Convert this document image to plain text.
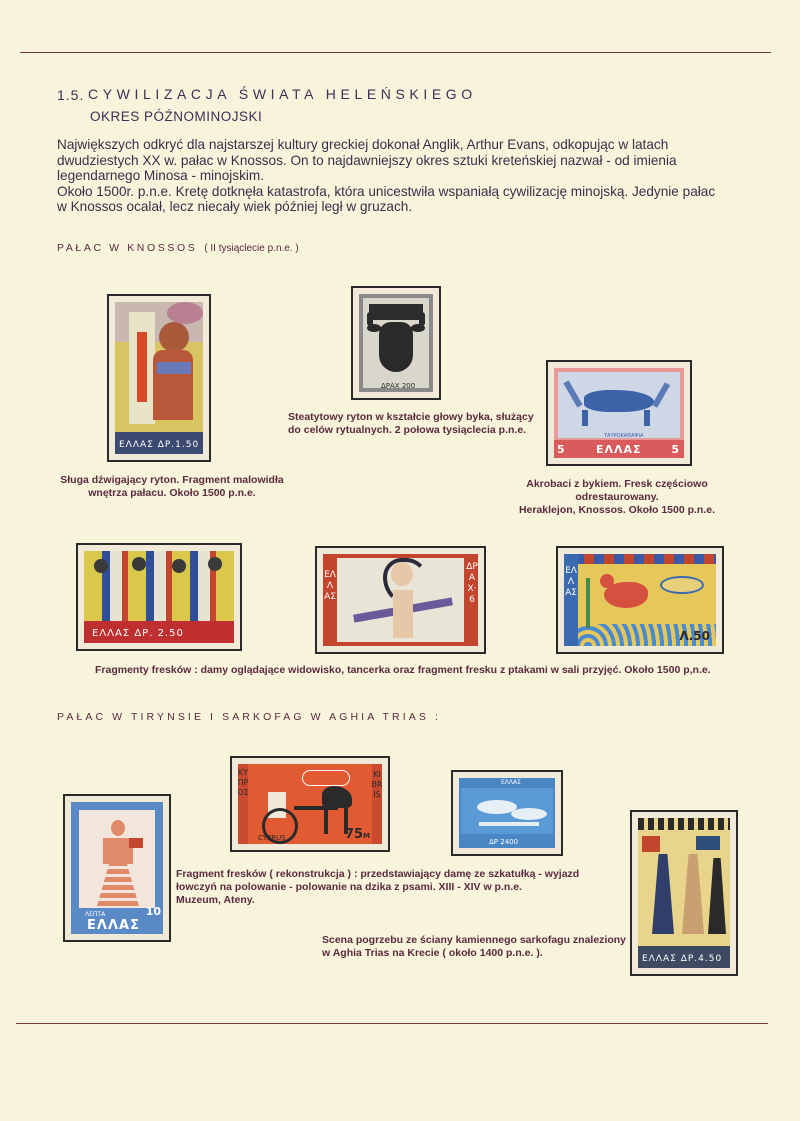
1.5. CYWILIZACJA ŚWIATA HELEŃSKIEGO
OKRES PÓŹNOMINOJSKI
Największych odkryć dla najstarszej kultury greckiej dokonał Anglik, Arthur Evans, odkopując w latach
dwudziestych XX w. pałac w Knossos. On to najdawniejszy okres sztuki kreteńskiej nazwał - od imienia
legendarnego Minosa - minojskim.
Około 1500r. p.n.e. Kretę dotknęła katastrofa, która unicestwiła wspaniałą cywilizację minojską. Jedynie pałac
w Knossos ocalał, lecz niecały wiek później legł w gruzach.
PAŁAC W KNOSSOS ( II tysiąclecie p.n.e. )
ΕΛΛΑΣ ΔΡ.1.50
ΔΡΑΧ 200
5	ΕΛΛΑΣ	5
ΤΑΥΡΟΚΑΘΑΨΙΑ
Steatytowy ryton w kształcie głowy byka, służący
do celów rytualnych. 2 połowa tysiąclecia p.n.e.
Sługa dźwigający ryton. Fragment malowidła
wnętrza pałacu. Około 1500 p.n.e.
Akrobaci z bykiem. Fresk częściowo odrestaurowany.
Heraklejon, Knossos. Około 1500 p.n.e.
ΕΛΛΑΣ ΔΡ. 2.50
ΕΛΛΑΣ
ΔΡΑΧ·6
ΕΛΛΑΣ
Λ.50
Fragmenty fresków : damy oglądające widowisko, tancerka oraz fragment fresku z ptakami w sali przyjęć. Około 1500 p,n.e.
PAŁAC W TIRYNSIE I SARKOFAG W AGHIA TRIAS :
ΚΥΠΡΟΣ
KIBRIS
CYPRUS	75M
ΕΛΛΑΣ
ΔΡ 2400
ΕΛΛΑΣ
ΛΕΠΤΑ	10
ΕΛΛΑΣ ΔΡ.4.50
Fragment fresków ( rekonstrukcja ) : przedstawiający damę ze szkatułką - wyjazd
łowczyń na polowanie - polowanie na dzika z psami. XIII - XIV w p.n.e.
Muzeum, Ateny.
Scena pogrzebu ze ściany kamiennego sarkofagu znaleziony
w Aghia Trias na Krecie ( około 1400 p.n.e. ).
